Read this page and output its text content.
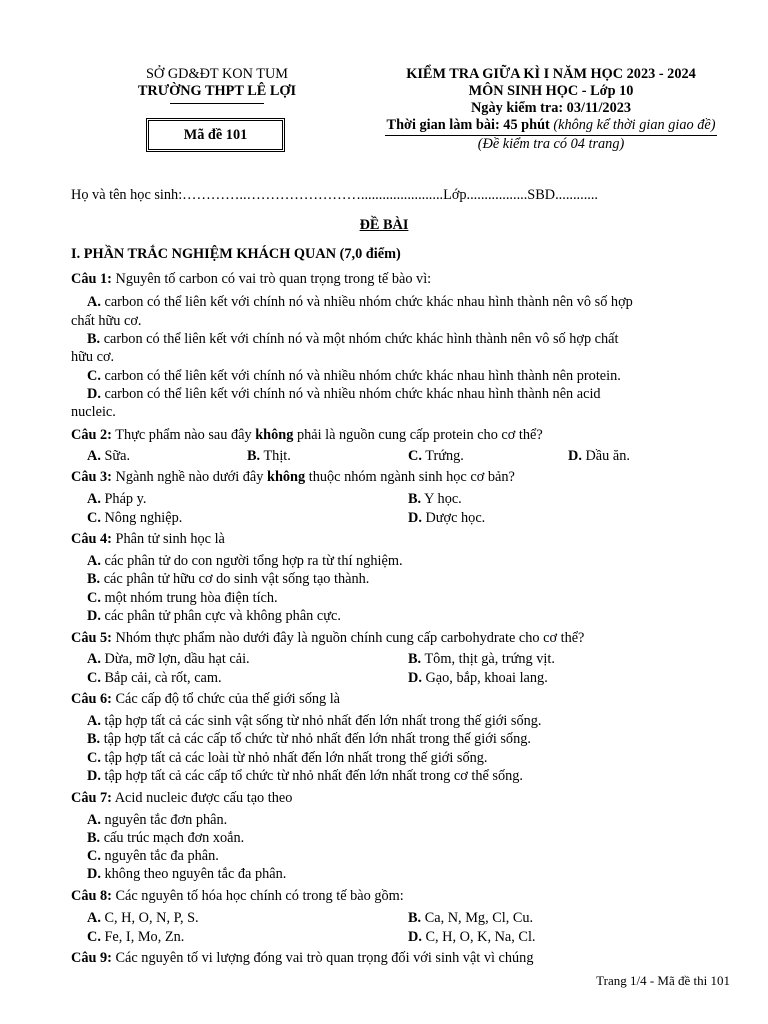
SỞ GD&ĐT KON TUM
TRƯỜNG THPT LÊ LỢI
Mã đề 101
KIỂM TRA GIỮA KÌ I NĂM HỌC 2023 - 2024
MÔN SINH HỌC - Lớp 10
Ngày kiểm tra: 03/11/2023
Thời gian làm bài: 45 phút (không kể thời gian giao đề)
(Đề kiểm tra có 04 trang)
Họ và tên học sinh:…………..…………………….......................Lớp.................SBD............
ĐỀ BÀI
I. PHẦN TRẮC NGHIỆM KHÁCH QUAN (7,0 điểm)
Câu 1: Nguyên tố carbon có vai trò quan trọng trong tế bào vì:
A. carbon có thể liên kết với chính nó và nhiều nhóm chức khác nhau hình thành nên vô số hợp
chất hữu cơ.
B. carbon có thể liên kết với chính nó và một nhóm chức khác hình thành nên vô số hợp chất
hữu cơ.
C. carbon có thể liên kết với chính nó và nhiều nhóm chức khác nhau hình thành nên protein.
D. carbon có thể liên kết với chính nó và nhiều nhóm chức khác nhau hình thành nên acid
nucleic.
Câu 2: Thực phẩm nào sau đây không phải là nguồn cung cấp protein cho cơ thể?
A. Sữa.	B. Thịt.	C. Trứng.	D. Dầu ăn.
Câu 3: Ngành nghề nào dưới đây không thuộc nhóm ngành sinh học cơ bản?
A. Pháp y.	B. Y học.
C. Nông nghiệp.	D. Dược học.
Câu 4: Phân tử sinh học là
A. các phân tử do con người tổng hợp ra từ thí nghiệm.
B. các phân tử hữu cơ do sinh vật sống tạo thành.
C. một nhóm trung hòa điện tích.
D. các phân tử phân cực và không phân cực.
Câu 5: Nhóm thực phẩm nào dưới đây là nguồn chính cung cấp carbohydrate cho cơ thể?
A. Dừa, mỡ lợn, dầu hạt cải.	B. Tôm, thịt gà, trứng vịt.
C. Bắp cải, cà rốt, cam.	D. Gạo, bắp, khoai lang.
Câu 6: Các cấp độ tổ chức của thế giới sống là
A. tập hợp tất cả các sinh vật sống từ nhỏ nhất đến lớn nhất trong thế giới sống.
B. tập hợp tất cả các cấp tổ chức từ nhỏ nhất đến lớn nhất trong thế giới sống.
C. tập hợp tất cả các loài từ nhỏ nhất đến lớn nhất trong thế giới sống.
D. tập hợp tất cả các cấp tổ chức từ nhỏ nhất đến lớn nhất trong cơ thể sống.
Câu 7: Acid nucleic được cấu tạo theo
A. nguyên tắc đơn phân.
B. cấu trúc mạch đơn xoắn.
C. nguyên tắc đa phân.
D. không theo nguyên tắc đa phân.
Câu 8: Các nguyên tố hóa học chính có trong tế bào gồm:
A. C, H, O, N, P, S.	B. Ca, N, Mg, Cl, Cu.
C. Fe, I, Mo, Zn.	D. C, H, O, K, Na, Cl.
Câu 9: Các nguyên tố vi lượng đóng vai trò quan trọng đối với sinh vật vì chúng
Trang 1/4 - Mã đề thi 101
